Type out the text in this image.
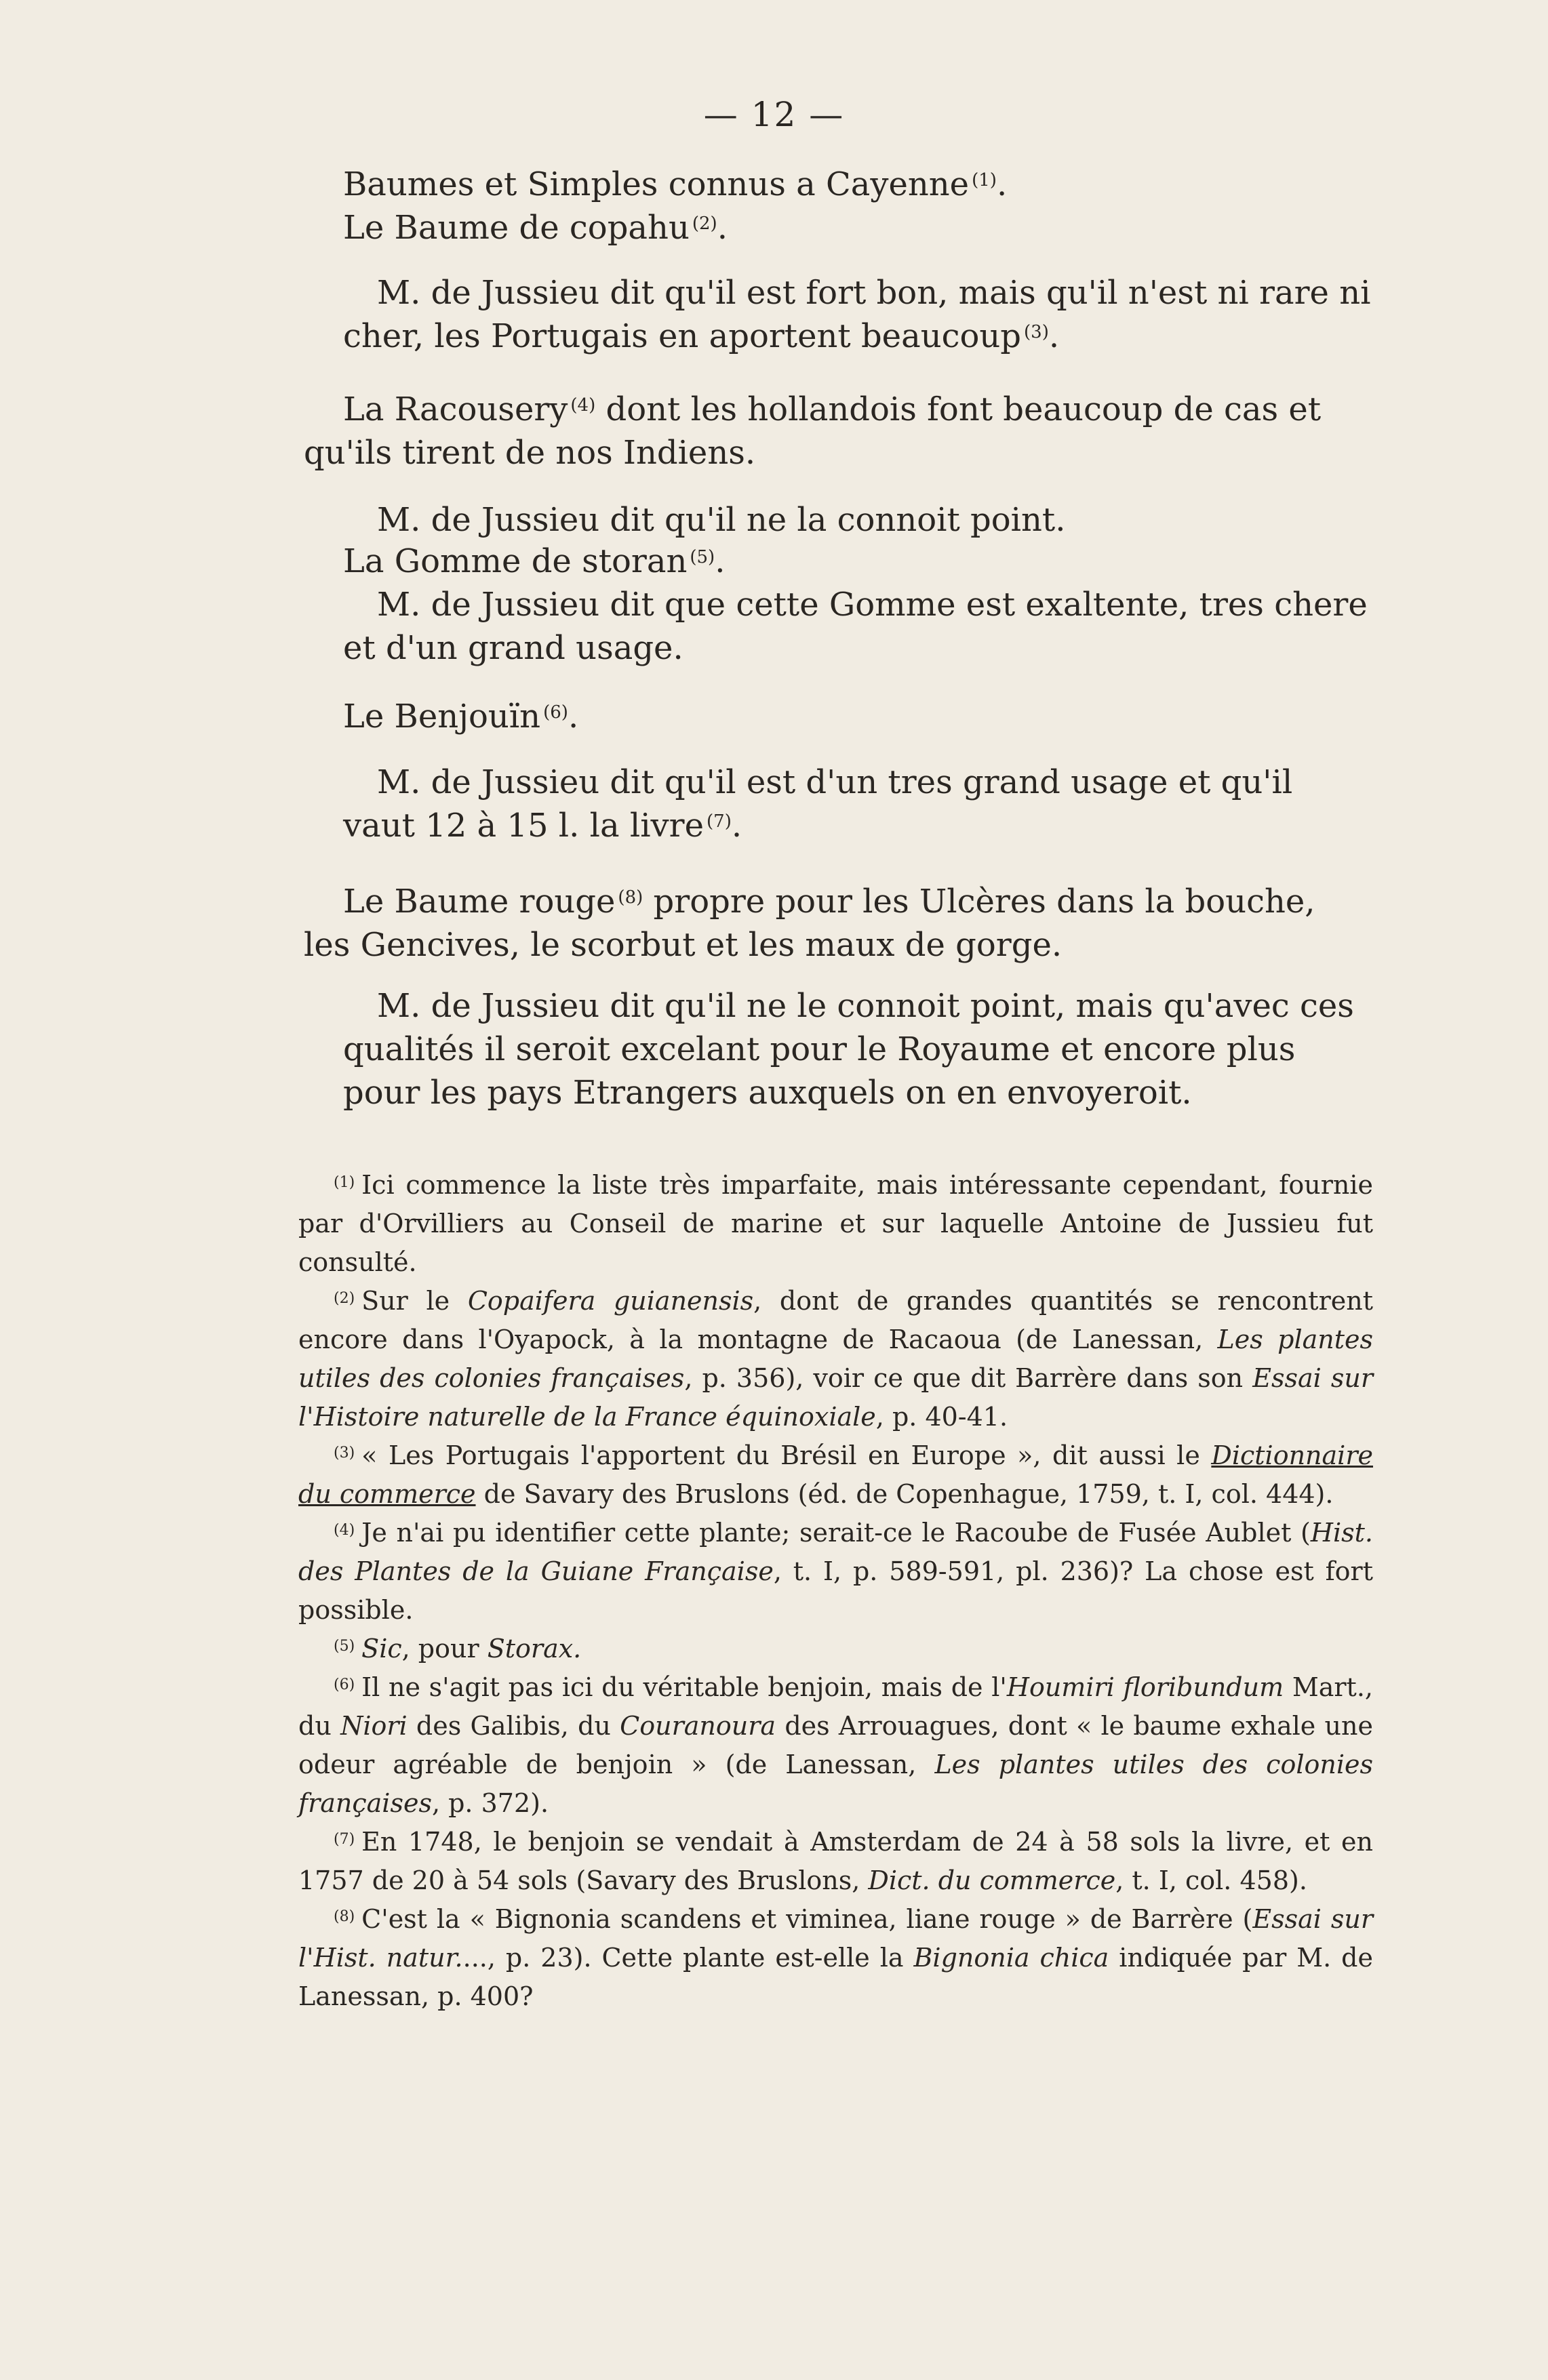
— 12 —

Baumes et Simples connus a Cayenne $^{(1)}$.

Le Baume de copahu $^{(2)}$.

M. de Jussieu dit qu'il est fort bon, mais qu'il n'est ni rare ni cher, les Portugais en aportent beaucoup $^{(3)}$.

La Racousery $^{(4)}$ dont les hollandois font beaucoup de cas et qu'ils tirent de nos Indiens.

M. de Jussieu dit qu'il ne la connoit point.

La Gomme de storan $^{(5)}$.

M. de Jussieu dit que cette Gomme est exaltente, tres chere et d'un grand usage.

Le Benjouïn $^{(6)}$.

M. de Jussieu dit qu'il est d'un tres grand usage et qu'il vaut 12 à 15 l. la livre $^{(7)}$.

Le Baume rouge $^{(8)}$ propre pour les Ulcères dans la bouche, les Gencives, le scorbut et les maux de gorge.

M. de Jussieu dit qu'il ne le connoit point, mais qu'avec ces qualités il seroit excelant pour le Royaume et encore plus pour les pays Etrangers auxquels on en envoyeroit.

$^{(1)}$ Ici commence la liste très imparfaite, mais intéressante cependant, fournie par d'Orvilliers au Conseil de marine et sur laquelle Antoine de Jussieu fut consulté.

$^{(2)}$ Sur le Copaifera guianensis, dont de grandes quantités se rencontrent encore dans l'Oyapock, à la montagne de Racaoua (de Lanessan, Les plantes utiles des colonies françaises, p. 356), voir ce que dit Barrère dans son Essai sur l'Histoire naturelle de la France équinoxiale, p. 40-41.

$^{(3)}$ « Les Portugais l'apportent du Brésil en Europe », dit aussi le Dictionnaire du commerce de Savary des Bruslons (éd. de Copenhague, 1759, t. I, col. 444).

$^{(4)}$ Je n'ai pu identifier cette plante; serait-ce le Racoube de Fusée Aublet (Hist. des Plantes de la Guiane Française, t. I, p. 589-591, pl. 236)? La chose est fort possible.

$^{(5)}$ Sic, pour Storax.

$^{(6)}$ Il ne s'agit pas ici du véritable benjoin, mais de l'Houmiri floribundum Mart., du Niori des Galibis, du Couranoura des Arrouagues, dont « le baume exhale une odeur agréable de benjoin » (de Lanessan, Les plantes utiles des colonies françaises, p. 372).

$^{(7)}$ En 1748, le benjoin se vendait à Amsterdam de 24 à 58 sols la livre, et en 1757 de 20 à 54 sols (Savary des Bruslons, Dict. du commerce, t. I, col. 458).

$^{(8)}$ C'est la « Bignonia scandens et viminea, liane rouge » de Barrère (Essai sur l'Hist. natur...., p. 23). Cette plante est-elle la Bignonia chica indiquée par M. de Lanessan, p. 400?
